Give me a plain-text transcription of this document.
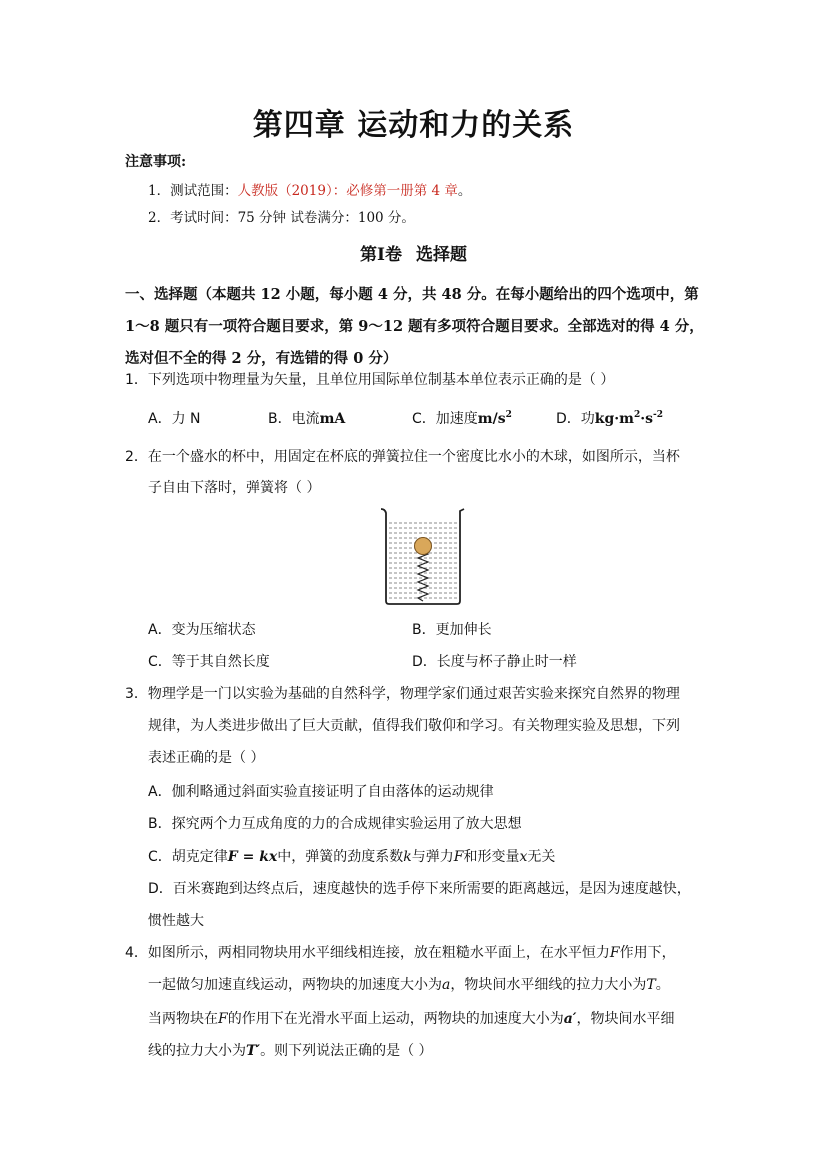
第四章 运动和力的关系
注意事项:
1．测试范围：人教版（2019）：必修第一册第 4 章。
2．考试时间：75 分钟 试卷满分：100 分。
第Ⅰ卷 选择题
一、选择题（本题共 12 小题，每小题 4 分，共 48 分。在每小题给出的四个选项中，第 1～8 题只有一项符合题目要求，第 9～12 题有多项符合题目要求。全部选对的得 4 分，选对但不全的得 2 分，有选错的得 0 分）
1．下列选项中物理量为矢量，且单位用国际单位制基本单位表示正确的是（ ）
A．力 N	B．电流mA	C．加速度$m/s^2$	D．功$kg\cdot m^2\cdot s^{-2}$
2．在一个盛水的杯中，用固定在杯底的弹簧拉住一个密度比水小的木球，如图所示，当杯
子自由下落时，弹簧将（ ）
A．变为压缩状态	B．更加伸长
C．等于其自然长度	D．长度与杯子静止时一样
3．物理学是一门以实验为基础的自然科学，物理学家们通过艰苦实验来探究自然界的物理
规律，为人类进步做出了巨大贡献，值得我们敬仰和学习。有关物理实验及思想，下列
表述正确的是（ ）
A．伽利略通过斜面实验直接证明了自由落体的运动规律
B．探究两个力互成角度的力的合成规律实验运用了放大思想
C．胡克定律F = kx中，弹簧的劲度系数k与弹力F和形变量x无关
D．百米赛跑到达终点后，速度越快的选手停下来所需要的距离越远，是因为速度越快，
惯性越大
4．如图所示，两相同物块用水平细线相连接，放在粗糙水平面上，在水平恒力F作用下，
一起做匀加速直线运动，两物块的加速度大小为a，物块间水平细线的拉力大小为T。
当两物块在F的作用下在光滑水平面上运动，两物块的加速度大小为a′，物块间水平细
线的拉力大小为T′。则下列说法正确的是（ ）
